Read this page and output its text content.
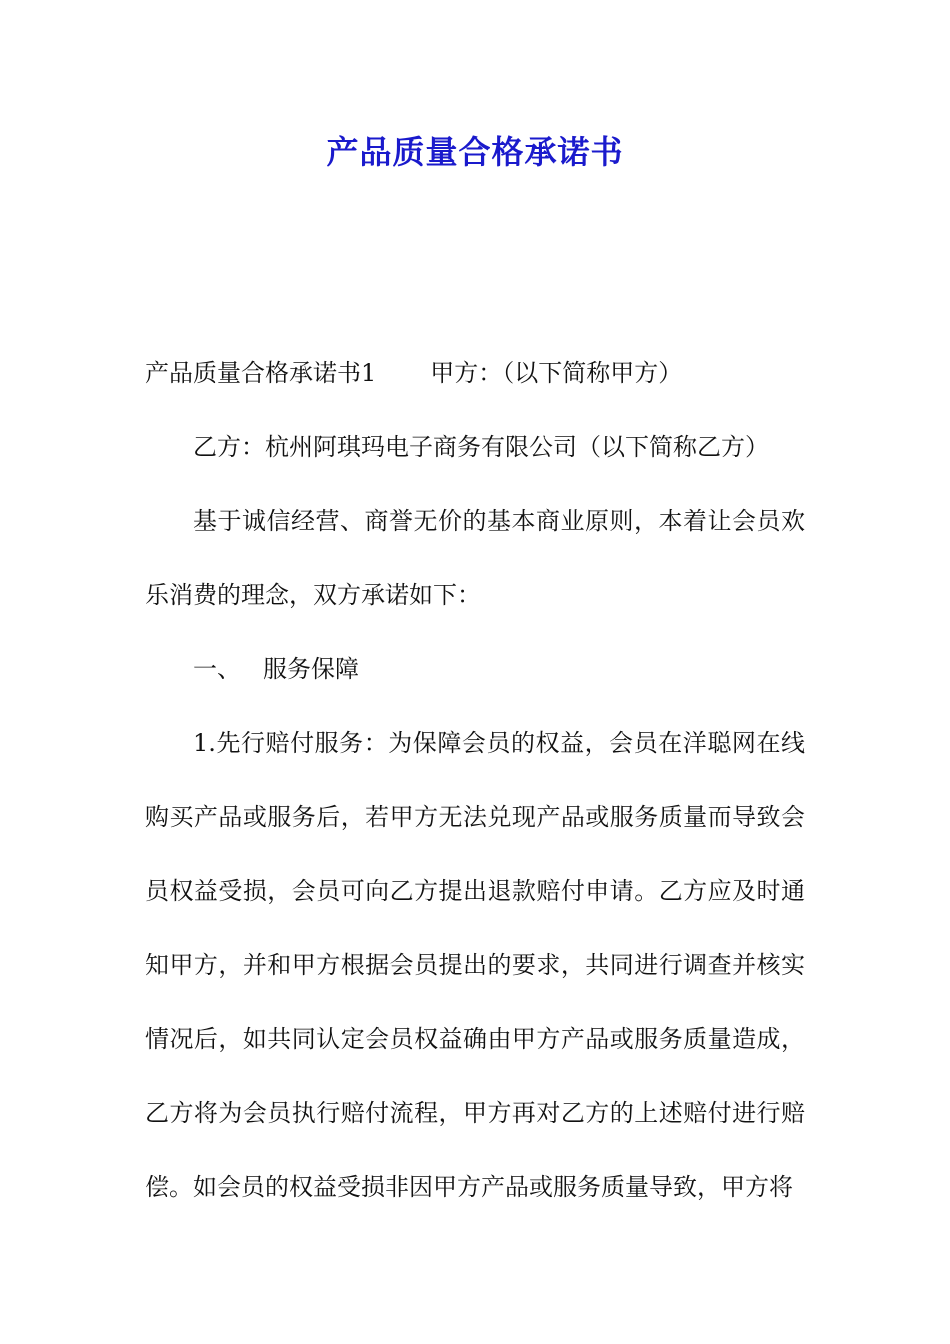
产品质量合格承诺书

产品质量合格承诺书1 甲方：（以下简称甲方）

乙方：杭州阿琪玛电子商务有限公司（以下简称乙方）

基于诚信经营、商誉无价的基本商业原则，本着让会员欢乐消费的理念，双方承诺如下：

一、 服务保障

1.先行赔付服务：为保障会员的权益，会员在洋聪网在线购买产品或服务后，若甲方无法兑现产品或服务质量而导致会员权益受损，会员可向乙方提出退款赔付申请。乙方应及时通知甲方，并和甲方根据会员提出的要求，共同进行调查并核实情况后，如共同认定会员权益确由甲方产品或服务质量造成，乙方将为会员执行赔付流程，甲方再对乙方的上述赔付进行赔偿。如会员的权益受损非因甲方产品或服务质量导致，甲方将
